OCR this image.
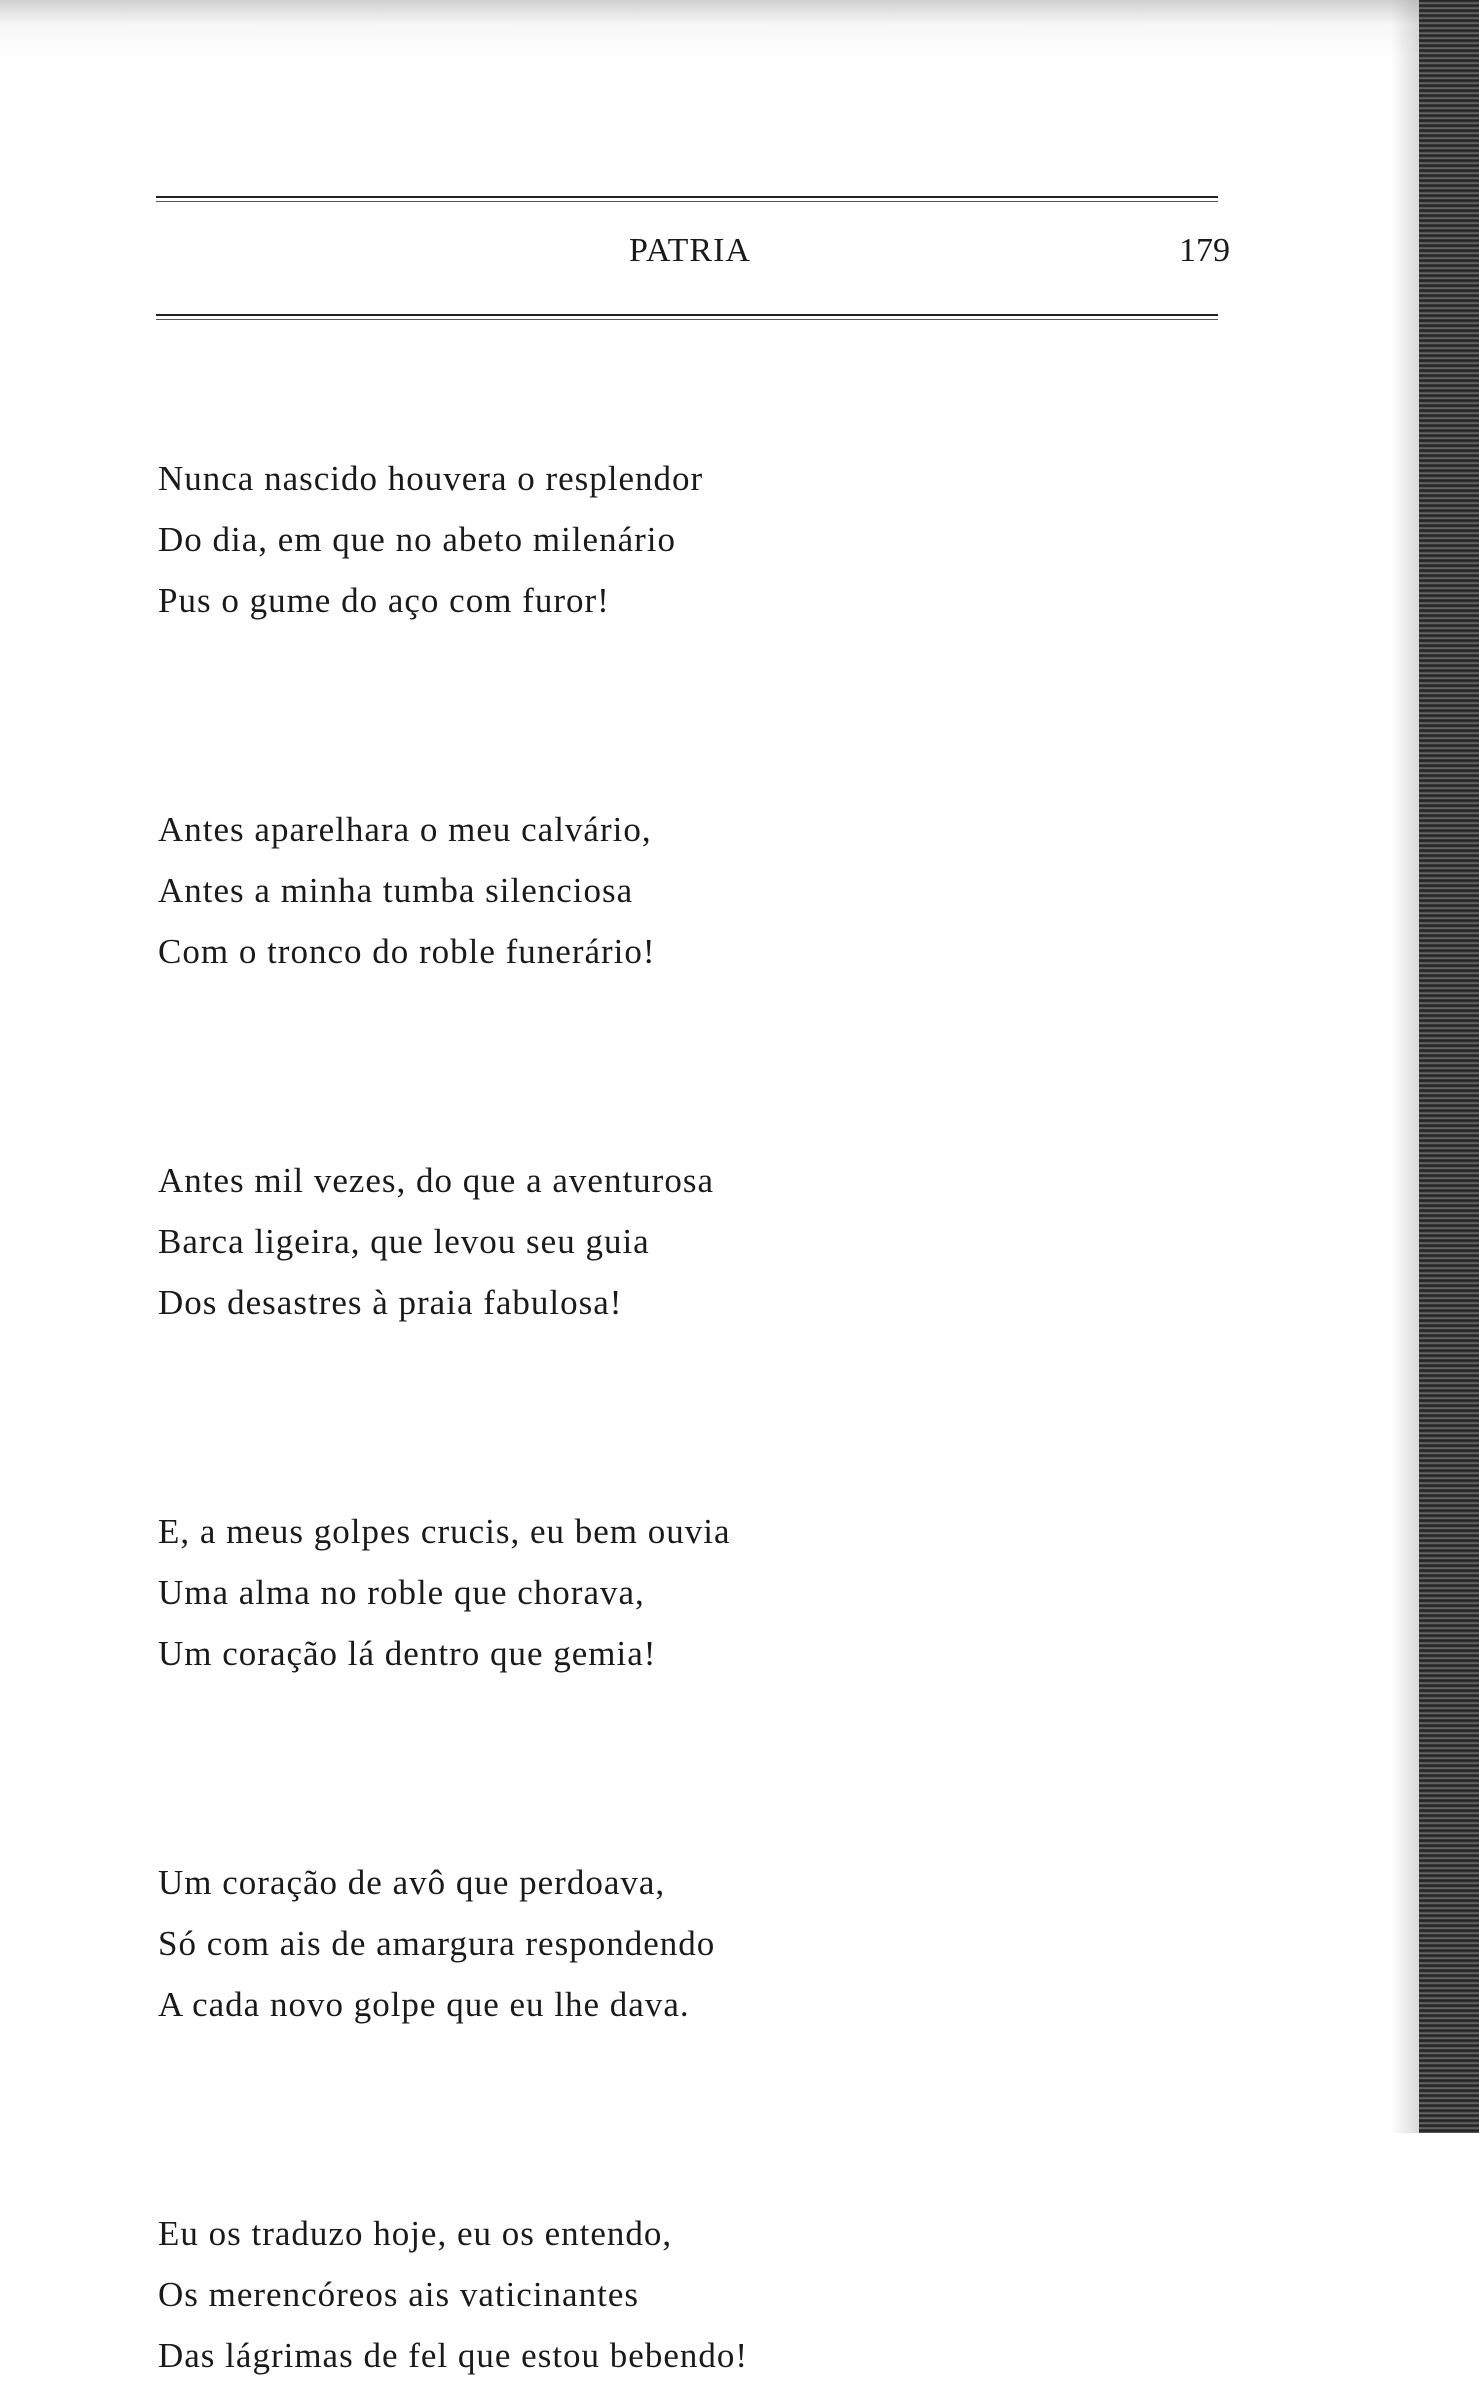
PATRIA	179
Nunca nascido houvera o resplendor
Do dia, em que no abeto milenário
Pus o gume do aço com furor!
Antes aparelhara o meu calvário,
Antes a minha tumba silenciosa
Com o tronco do roble funerário!
Antes mil vezes, do que a aventurosa
Barca ligeira, que levou seu guia
Dos desastres à praia fabulosa!
E, a meus golpes crucis, eu bem ouvia
Uma alma no roble que chorava,
Um coração lá dentro que gemia!
Um coração de avô que perdoava,
Só com ais de amargura respondendo
A cada novo golpe que eu lhe dava.
Eu os traduzo hoje, eu os entendo,
Os merencóreos ais vaticinantes
Das lágrimas de fel que estou bebendo!
